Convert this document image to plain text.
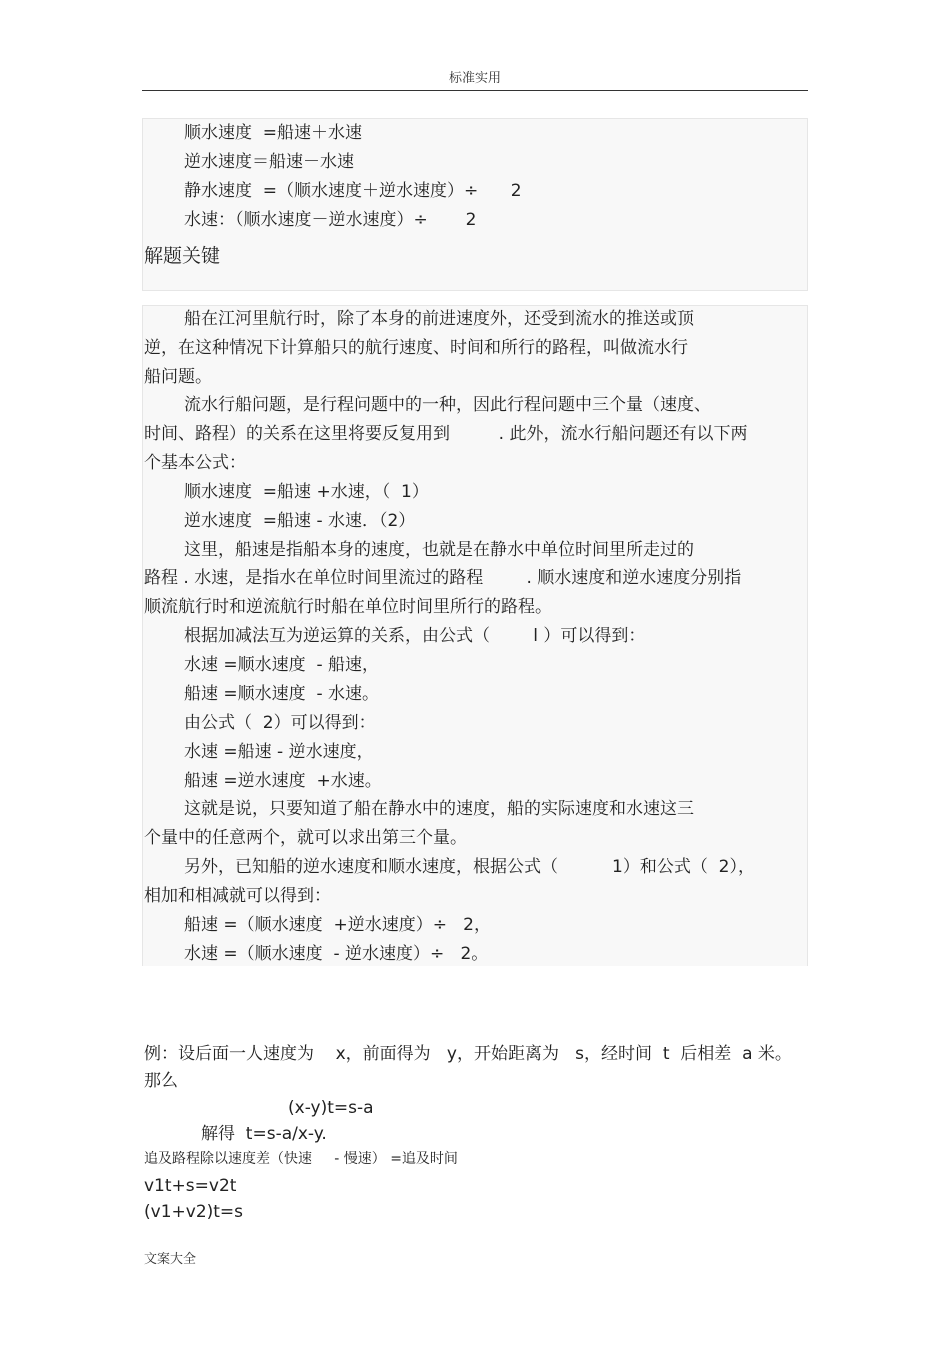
标准实用
顺水速度  =船速＋水速
逆水速度＝船速－水速
静水速度  =（顺水速度＋逆水速度）÷      2
水速：（顺水速度－逆水速度）÷       2
解题关键
船在江河里航行时，除了本身的前进速度外，还受到流水的推送或顶
逆，在这种情况下计算船只的航行速度、时间和所行的路程，叫做流水行
船问题。
流水行船问题，是行程问题中的一种，因此行程问题中三个量（速度、
时间、路程）的关系在这里将要反复用到         . 此外，流水行船问题还有以下两
个基本公式：
顺水速度  =船速 +水速，（  1）
逆水速度  =船速 - 水速．（2）
这里，船速是指船本身的速度，也就是在静水中单位时间里所走过的
路程 . 水速，是指水在单位时间里流过的路程        . 顺水速度和逆水速度分别指
顺流航行时和逆流航行时船在单位时间里所行的路程。
根据加减法互为逆运算的关系，由公式（        l ）可以得到：
水速 =顺水速度  - 船速，
船速 =顺水速度  - 水速。
由公式（  2）可以得到：
水速 =船速 - 逆水速度，
船速 =逆水速度  +水速。
这就是说，只要知道了船在静水中的速度，船的实际速度和水速这三
个量中的任意两个，就可以求出第三个量。
另外，已知船的逆水速度和顺水速度，根据公式（          1）和公式（  2），
相加和相减就可以得到：
船速 =（顺水速度  +逆水速度）÷   2，
水速 =（顺水速度  - 逆水速度）÷   2。
例：设后面一人速度为    x，前面得为   y，开始距离为   s，经时间  t  后相差  a 米。
那么
(x-y)t=s-a
解得  t=s-a/x-y.
追及路程除以速度差（快速     - 慢速） =追及时间
v1t+s=v2t
(v1+v2)t=s
文案大全
